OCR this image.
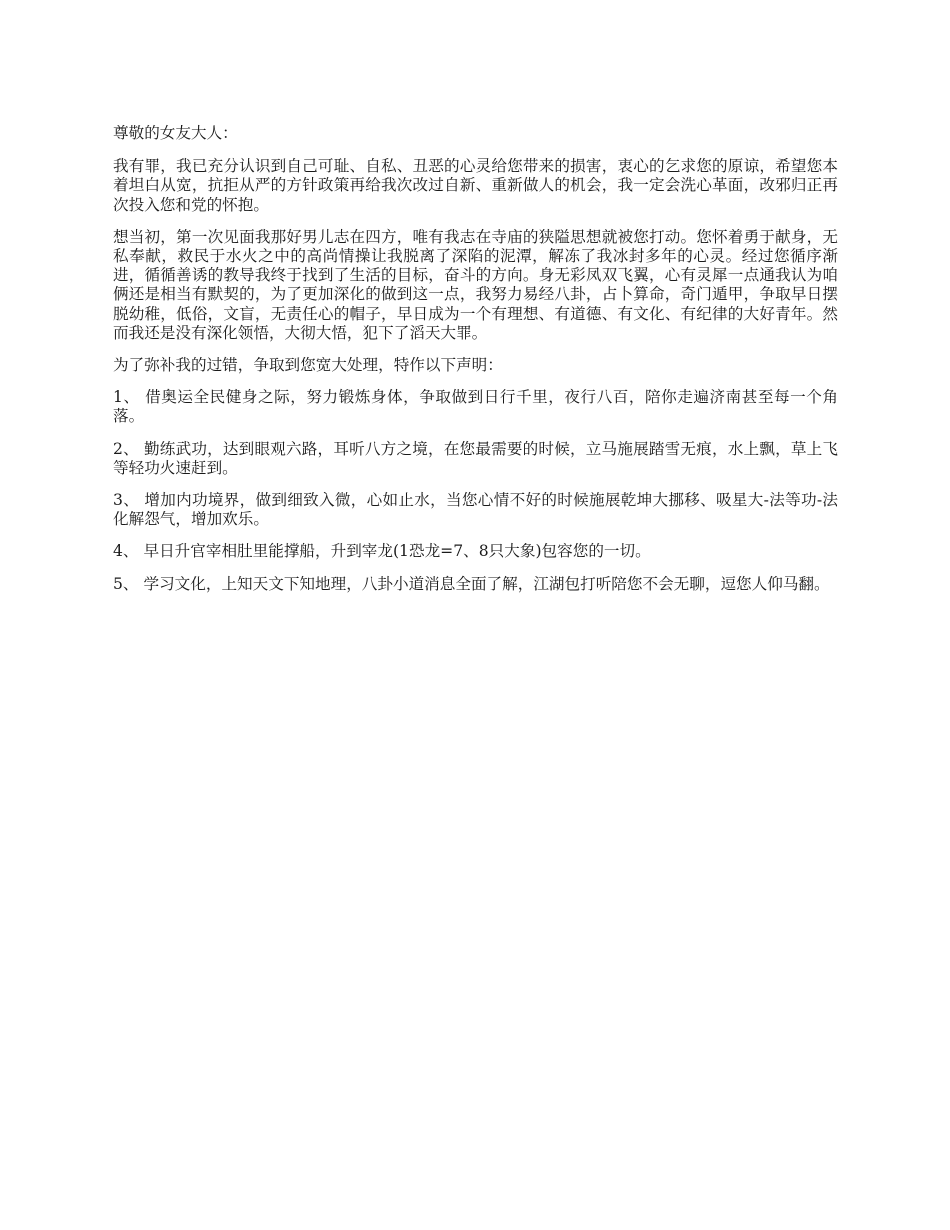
尊敬的女友大人：

我有罪，我已充分认识到自己可耻、自私、丑恶的心灵给您带来的损害，衷心的乞求您的原谅，希望您本着坦白从宽，抗拒从严的方针政策再给我次改过自新、重新做人的机会，我一定会洗心革面，改邪归正再次投入您和党的怀抱。

想当初，第一次见面我那好男儿志在四方，唯有我志在寺庙的狭隘思想就被您打动。您怀着勇于献身，无私奉献，救民于水火之中的高尚情操让我脱离了深陷的泥潭，解冻了我冰封多年的心灵。经过您循序渐进，循循善诱的教导我终于找到了生活的目标，奋斗的方向。身无彩凤双飞翼，心有灵犀一点通我认为咱俩还是相当有默契的，为了更加深化的做到这一点，我努力易经八卦，占卜算命，奇门遁甲，争取早日摆脱幼稚，低俗，文盲，无责任心的帽子，早日成为一个有理想、有道德、有文化、有纪律的大好青年。然而我还是没有深化领悟，大彻大悟，犯下了滔天大罪。

为了弥补我的过错，争取到您宽大处理，特作以下声明：

1、 借奥运全民健身之际，努力锻炼身体，争取做到日行千里，夜行八百，陪你走遍济南甚至每一个角落。

2、 勤练武功，达到眼观六路，耳听八方之境，在您最需要的时候，立马施展踏雪无痕，水上飘，草上飞等轻功火速赶到。

3、 增加内功境界，做到细致入微，心如止水，当您心情不好的时候施展乾坤大挪移、吸星大-法等功-法化解怨气，增加欢乐。

4、 早日升官宰相肚里能撑船，升到宰龙(1恐龙=7、8只大象)包容您的一切。

5、 学习文化，上知天文下知地理，八卦小道消息全面了解，江湖包打听陪您不会无聊，逗您人仰马翻。
